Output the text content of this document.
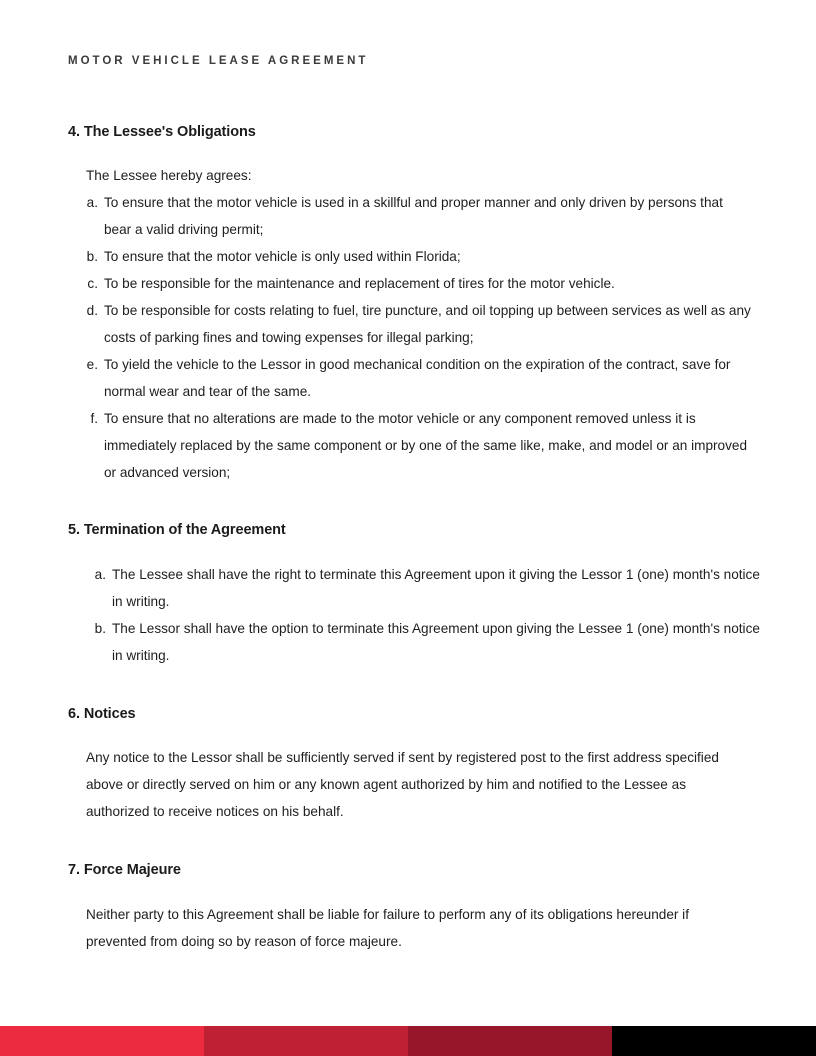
MOTOR VEHICLE LEASE AGREEMENT
4. The Lessee's Obligations

The Lessee hereby agrees:

a. To ensure that the motor vehicle is used in a skillful and proper manner and only driven by persons that bear a valid driving permit;
b. To ensure that the motor vehicle is only used within Florida;
c. To be responsible for the maintenance and replacement of tires for the motor vehicle.
d. To be responsible for costs relating to fuel, tire puncture, and oil topping up between services as well as any costs of parking fines and towing expenses for illegal parking;
e. To yield the vehicle to the Lessor in good mechanical condition on the expiration of the contract, save for normal wear and tear of the same.
f. To ensure that no alterations are made to the motor vehicle or any component removed unless it is immediately replaced by the same component or by one of the same like, make, and model or an improved or advanced version;
5. Termination of the Agreement
a. The Lessee shall have the right to terminate this Agreement upon it giving the Lessor 1 (one) month's notice in writing.
b. The Lessor shall have the option to terminate this Agreement upon giving the Lessee 1 (one) month's notice in writing.
6. Notices

Any notice to the Lessor shall be sufficiently served if sent by registered post to the first address specified above or directly served on him or any known agent authorized by him and notified to the Lessee as authorized to receive notices on his behalf.

7. Force Majeure

Neither party to this Agreement shall be liable for failure to perform any of its obligations hereunder if prevented from doing so by reason of force majeure.
